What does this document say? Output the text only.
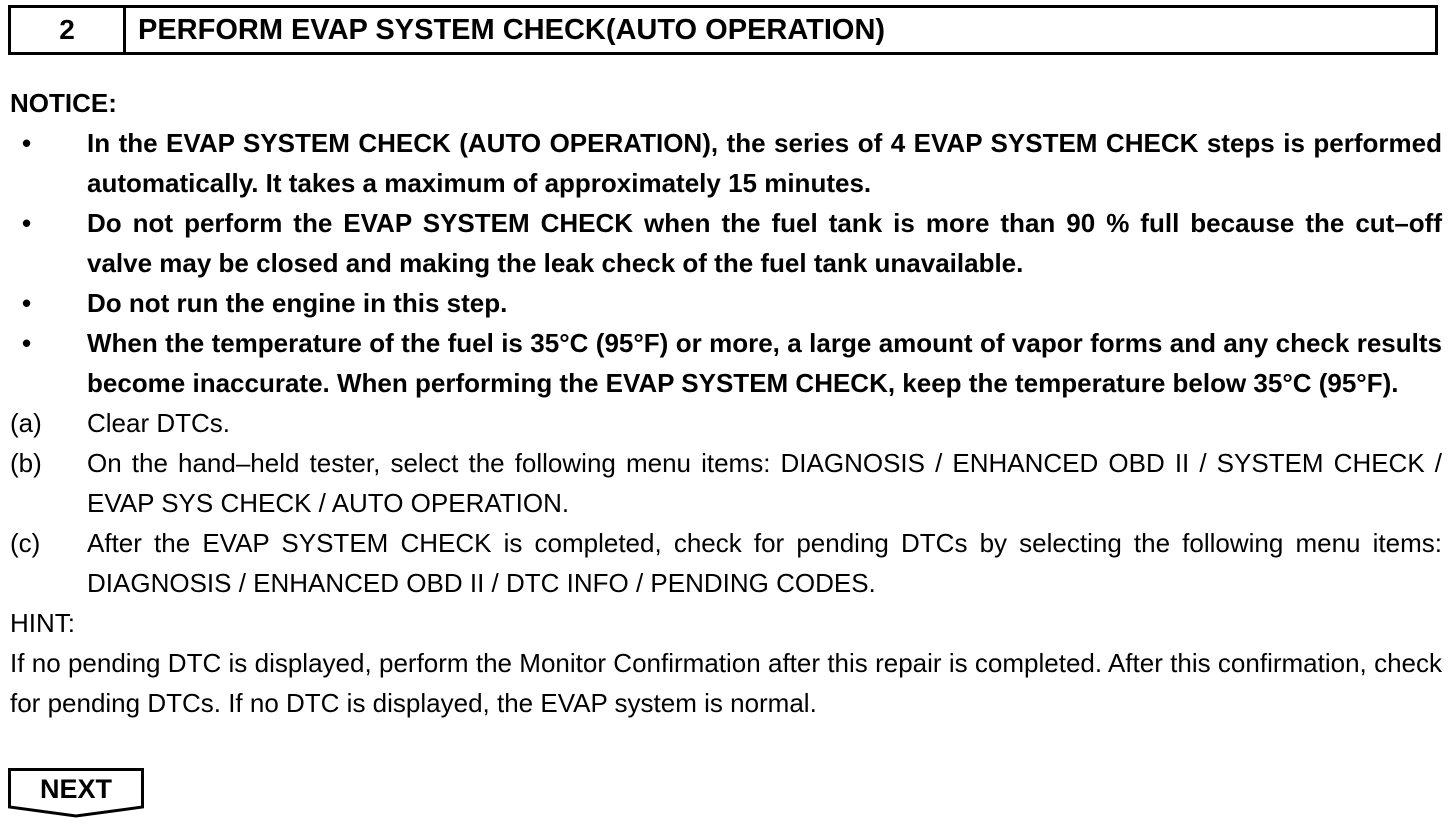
2	PERFORM EVAP SYSTEM CHECK(AUTO OPERATION)
NOTICE:
•	In the EVAP SYSTEM CHECK (AUTO OPERATION), the series of 4 EVAP SYSTEM CHECK steps is performed automatically. It takes a maximum of approximately 15 minutes.
•	Do not perform the EVAP SYSTEM CHECK when the fuel tank is more than 90 % full because the cut–off valve may be closed and making the leak check of the fuel tank unavailable.
•	Do not run the engine in this step.
•	When the temperature of the fuel is 35°C (95°F) or more, a large amount of vapor forms and any check results become inaccurate. When performing the EVAP SYSTEM CHECK, keep the temperature below 35°C (95°F).
(a)	Clear DTCs.
(b)	On the hand–held tester, select the following menu items: DIAGNOSIS / ENHANCED OBD II / SYSTEM CHECK / EVAP SYS CHECK / AUTO OPERATION.
(c)	After the EVAP SYSTEM CHECK is completed, check for pending DTCs by selecting the following menu items: DIAGNOSIS / ENHANCED OBD II / DTC INFO / PENDING CODES.
HINT:
If no pending DTC is displayed, perform the Monitor Confirmation after this repair is completed. After this confirmation, check for pending DTCs. If no DTC is displayed, the EVAP system is normal.
NEXT
